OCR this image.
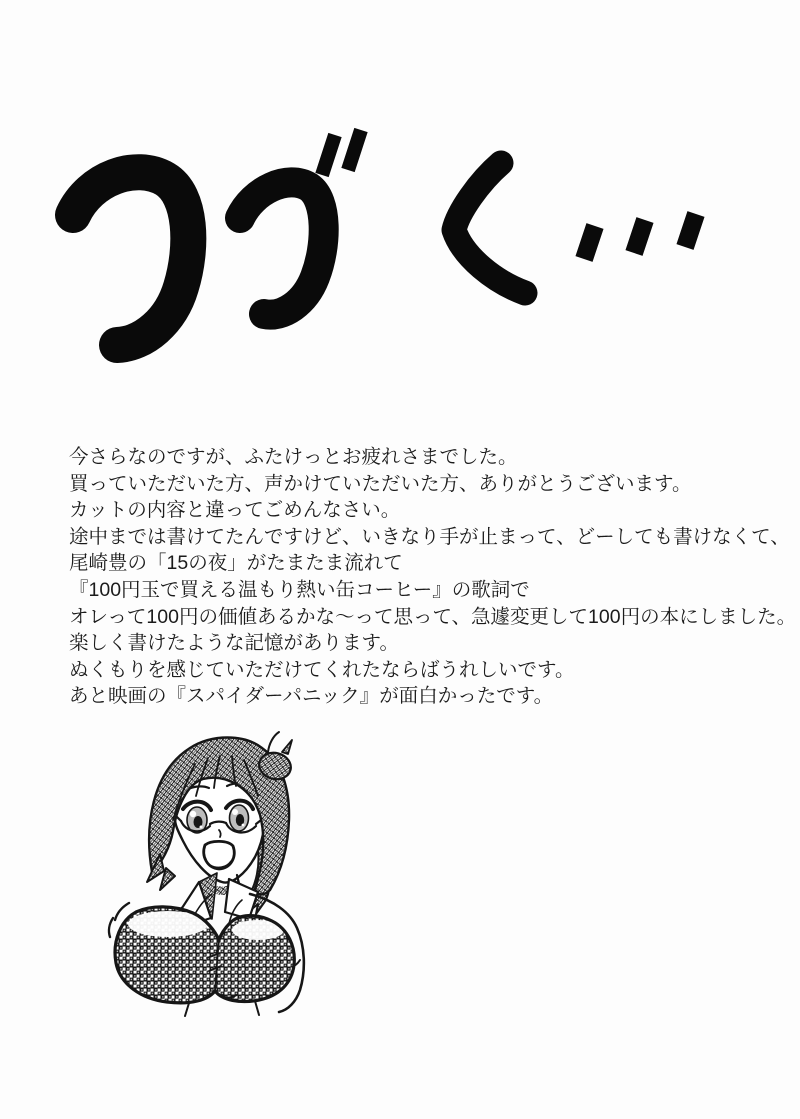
今さらなのですが、ふたけっとお疲れさまでした。
買っていただいた方、声かけていただいた方、ありがとうございます。
カットの内容と違ってごめんなさい。
途中までは書けてたんですけど、いきなり手が止まって、どーしても書けなくて、
尾崎豊の「15の夜」がたまたま流れて
『100円玉で買える温もり熱い缶コーヒー』の歌詞で
オレって100円の価値あるかな〜って思って、急遽変更して100円の本にしました。
楽しく書けたような記憶があります。
ぬくもりを感じていただけてくれたならばうれしいです。
あと映画の『スパイダーパニック』が面白かったです。
